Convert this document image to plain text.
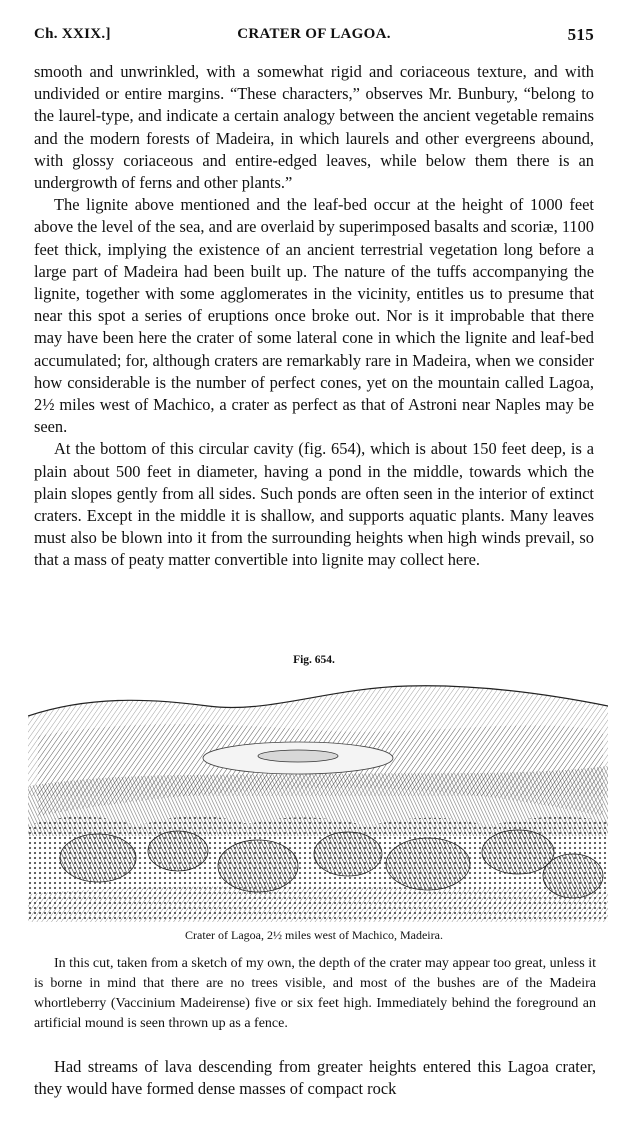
Ch. XXIX.]	CRATER OF LAGOA.	515

smooth and unwrinkled, with a somewhat rigid and coriaceous texture, and with undivided or entire margins. “These characters,” observes Mr. Bunbury, “belong to the laurel-type, and indicate a certain analogy between the ancient vegetable remains and the modern forests of Madeira, in which laurels and other evergreens abound, with glossy coriaceous and entire-edged leaves, while below them there is an undergrowth of ferns and other plants.”

The lignite above mentioned and the leaf-bed occur at the height of 1000 feet above the level of the sea, and are overlaid by superimposed basalts and scoriæ, 1100 feet thick, implying the existence of an ancient terrestrial vegetation long before a large part of Madeira had been built up. The nature of the tuffs accompanying the lignite, together with some agglomerates in the vicinity, entitles us to presume that near this spot a series of eruptions once broke out. Nor is it improbable that there may have been here the crater of some lateral cone in which the lignite and leaf-bed accumulated; for, although craters are remarkably rare in Madeira, when we consider how considerable is the number of perfect cones, yet on the mountain called Lagoa, 2½ miles west of Machico, a crater as perfect as that of Astroni near Naples may be seen.

At the bottom of this circular cavity (fig. 654), which is about 150 feet deep, is a plain about 500 feet in diameter, having a pond in the middle, towards which the plain slopes gently from all sides. Such ponds are often seen in the interior of extinct craters. Except in the middle it is shallow, and supports aquatic plants. Many leaves must also be blown into it from the surrounding heights when high winds prevail, so that a mass of peaty matter convertible into lignite may collect here.

Fig. 654.
Crater of Lagoa, 2½ miles west of Machico, Madeira.

In this cut, taken from a sketch of my own, the depth of the crater may appear too great, unless it is borne in mind that there are no trees visible, and most of the bushes are of the Madeira whortleberry (Vaccinium Madeirense) five or six feet high. Immediately behind the foreground an artificial mound is seen thrown up as a fence.

Had streams of lava descending from greater heights entered this Lagoa crater, they would have formed dense masses of compact rock
